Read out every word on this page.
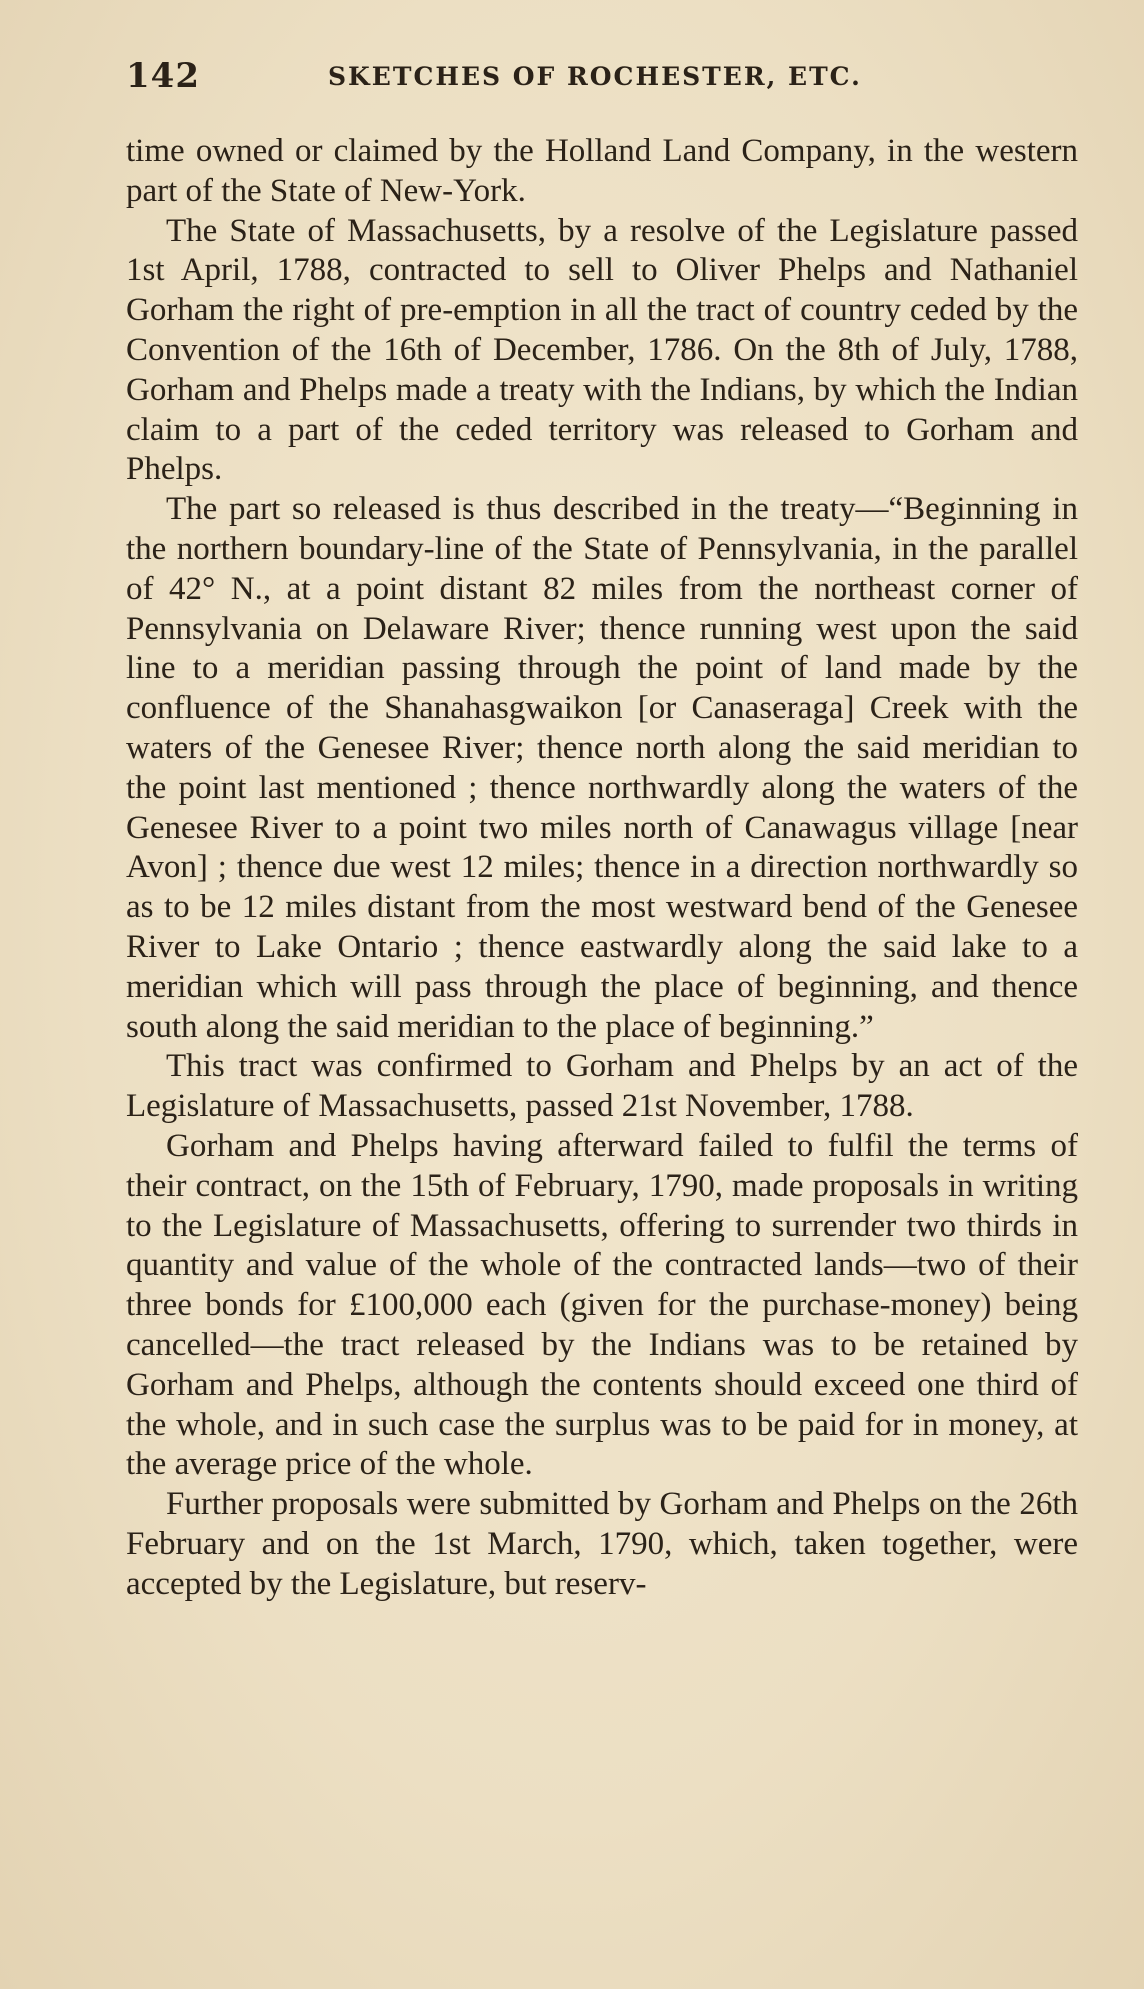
142	SKETCHES OF ROCHESTER, ETC.

time owned or claimed by the Holland Land Company, in the western part of the State of New-York.

The State of Massachusetts, by a resolve of the Legislature passed 1st April, 1788, contracted to sell to Oliver Phelps and Nathaniel Gorham the right of pre-emption in all the tract of country ceded by the Convention of the 16th of December, 1786. On the 8th of July, 1788, Gorham and Phelps made a treaty with the Indians, by which the Indian claim to a part of the ceded territory was released to Gorham and Phelps.

The part so released is thus described in the treaty—“Beginning in the northern boundary-line of the State of Pennsylvania, in the parallel of 42° N., at a point distant 82 miles from the northeast corner of Pennsylvania on Delaware River; thence running west upon the said line to a meridian passing through the point of land made by the confluence of the Shanahasgwaikon [or Canaseraga] Creek with the waters of the Genesee River; thence north along the said meridian to the point last mentioned ; thence northwardly along the waters of the Genesee River to a point two miles north of Canawagus village [near Avon] ; thence due west 12 miles; thence in a direction northwardly so as to be 12 miles distant from the most westward bend of the Genesee River to Lake Ontario ; thence eastwardly along the said lake to a meridian which will pass through the place of beginning, and thence south along the said meridian to the place of beginning.”

This tract was confirmed to Gorham and Phelps by an act of the Legislature of Massachusetts, passed 21st November, 1788.

Gorham and Phelps having afterward failed to fulfil the terms of their contract, on the 15th of February, 1790, made proposals in writing to the Legislature of Massachusetts, offering to surrender two thirds in quantity and value of the whole of the contracted lands—two of their three bonds for £100,000 each (given for the purchase-money) being cancelled—the tract released by the Indians was to be retained by Gorham and Phelps, although the contents should exceed one third of the whole, and in such case the surplus was to be paid for in money, at the average price of the whole.

Further proposals were submitted by Gorham and Phelps on the 26th February and on the 1st March, 1790, which, taken together, were accepted by the Legislature, but reserv-
